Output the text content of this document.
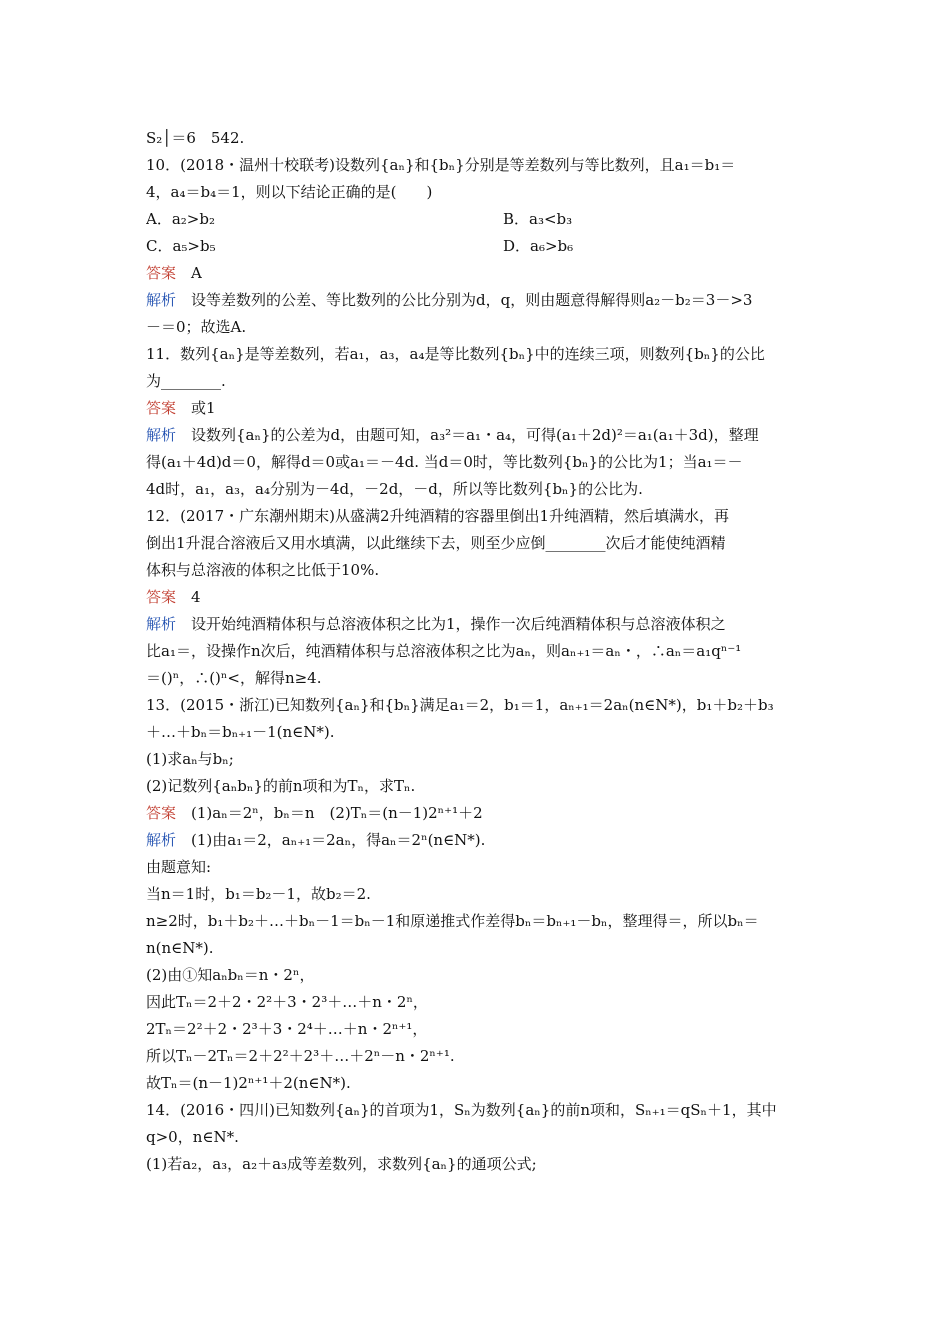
S₂│＝6　542.
10．(2018・温州十校联考)设数列{aₙ}和{bₙ}分别是等差数列与等比数列，且a₁＝b₁＝
4，a₄＝b₄＝1，则以下结论正确的是(　　)
A．a₂>b₂	B．a₃<b₃
C．a₅>b₅	D．a₆>b₆
答案　A
解析　设等差数列的公差、等比数列的公比分别为d，q，则由题意得解得则a₂－b₂＝3－>3
－＝0；故选A.
11．数列{aₙ}是等差数列，若a₁，a₃，a₄是等比数列{bₙ}中的连续三项，则数列{bₙ}的公比
为________.
答案　或1
解析　设数列{aₙ}的公差为d，由题可知，a₃²＝a₁・a₄，可得(a₁＋2d)²＝a₁(a₁＋3d)，整理
得(a₁＋4d)d＝0，解得d＝0或a₁＝－4d. 当d＝0时，等比数列{bₙ}的公比为1；当a₁＝－
4d时，a₁，a₃，a₄分别为－4d，－2d，－d，所以等比数列{bₙ}的公比为.
12．(2017・广东潮州期末)从盛满2升纯酒精的容器里倒出1升纯酒精，然后填满水，再
倒出1升混合溶液后又用水填满，以此继续下去，则至少应倒________次后才能使纯酒精
体积与总溶液的体积之比低于10%.
答案　4
解析　设开始纯酒精体积与总溶液体积之比为1，操作一次后纯酒精体积与总溶液体积之
比a₁＝，设操作n次后，纯酒精体积与总溶液体积之比为aₙ，则aₙ₊₁＝aₙ・，∴aₙ＝a₁qⁿ⁻¹
＝()ⁿ，∴()ⁿ<，解得n≥4.
13．(2015・浙江)已知数列{aₙ}和{bₙ}满足a₁＝2，b₁＝1，aₙ₊₁＝2aₙ(n∈N*)，b₁＋b₂＋b₃
＋…＋bₙ＝bₙ₊₁－1(n∈N*).
(1)求aₙ与bₙ;
(2)记数列{aₙbₙ}的前n项和为Tₙ，求Tₙ.
答案　(1)aₙ＝2ⁿ，bₙ＝n　(2)Tₙ＝(n－1)2ⁿ⁺¹＋2
解析　(1)由a₁＝2，aₙ₊₁＝2aₙ，得aₙ＝2ⁿ(n∈N*).
由题意知:
当n＝1时，b₁＝b₂－1，故b₂＝2.
n≥2时，b₁＋b₂＋…＋bₙ－1＝bₙ－1和原递推式作差得bₙ＝bₙ₊₁－bₙ，整理得＝，所以bₙ＝
n(n∈N*).
(2)由①知aₙbₙ＝n・2ⁿ，
因此Tₙ＝2＋2・2²＋3・2³＋…＋n・2ⁿ，
2Tₙ＝2²＋2・2³＋3・2⁴＋…＋n・2ⁿ⁺¹，
所以Tₙ－2Tₙ＝2＋2²＋2³＋…＋2ⁿ－n・2ⁿ⁺¹.
故Tₙ＝(n－1)2ⁿ⁺¹＋2(n∈N*).
14．(2016・四川)已知数列{aₙ}的首项为1，Sₙ为数列{aₙ}的前n项和，Sₙ₊₁＝qSₙ＋1，其中
q>0，n∈N*.
(1)若a₂，a₃，a₂＋a₃成等差数列，求数列{aₙ}的通项公式;
